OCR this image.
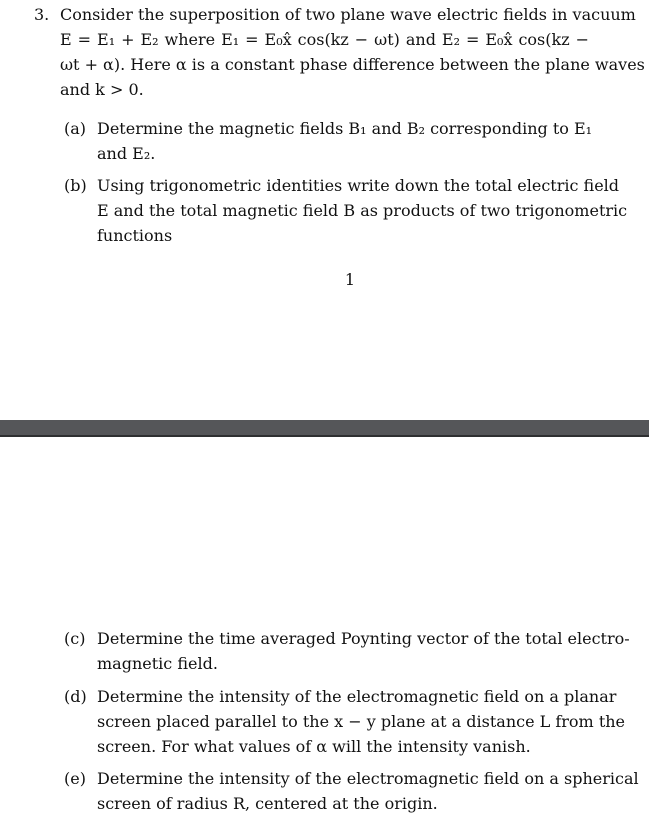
3. Consider the superposition of two plane wave electric fields in vacuum
E = E₁ + E₂ where E₁ = E₀x̂ cos(kz − ωt) and E₂ = E₀x̂ cos(kz −
ωt + α). Here α is a constant phase difference between the plane waves
and k > 0.
(a) Determine the magnetic fields B₁ and B₂ corresponding to E₁
and E₂.
(b) Using trigonometric identities write down the total electric field
E and the total magnetic field B as products of two trigonometric
functions
1
(c) Determine the time averaged Poynting vector of the total electro-
magnetic field.
(d) Determine the intensity of the electromagnetic field on a planar
screen placed parallel to the x − y plane at a distance L from the
screen. For what values of α will the intensity vanish.
(e) Determine the intensity of the electromagnetic field on a spherical
screen of radius R, centered at the origin.
